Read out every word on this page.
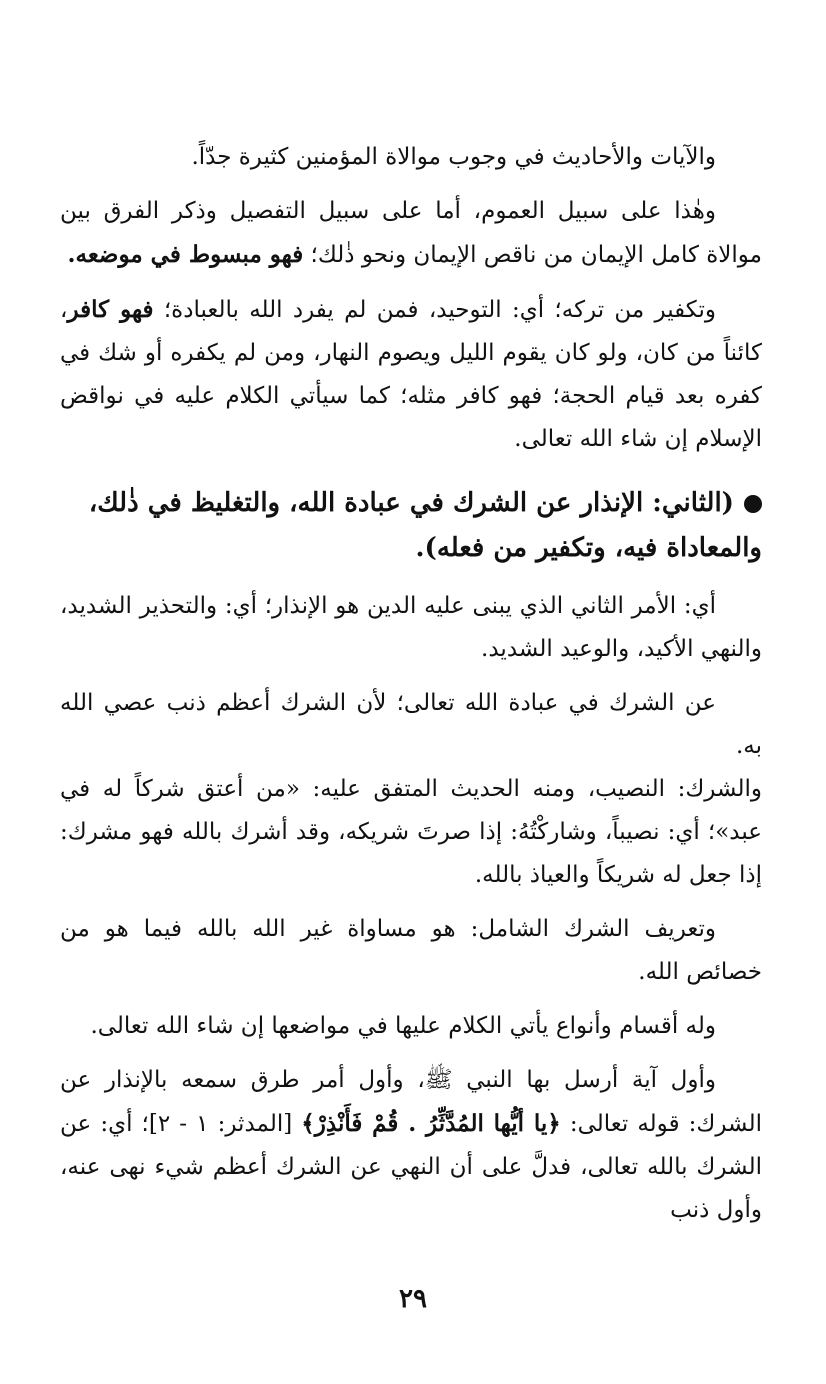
والآيات والأحاديث في وجوب موالاة المؤمنين كثيرة جدّاً.

وهٰذا على سبيل العموم، أما على سبيل التفصيل وذكر الفرق بين موالاة كامل الإيمان من ناقص الإيمان ونحو ذٰلك؛ فهو مبسوط في موضعه.

وتكفير من تركه؛ أي: التوحيد، فمن لم يفرد الله بالعبادة؛ فهو كافر، كائناً من كان، ولو كان يقوم الليل ويصوم النهار، ومن لم يكفره أو شك في كفره بعد قيام الحجة؛ فهو كافر مثله؛ كما سيأتي الكلام عليه في نواقض الإسلام إن شاء الله تعالى.

(الثاني: الإنذار عن الشرك في عبادة الله، والتغليظ في ذٰلك، والمعاداة فيه، وتكفير من فعله).

أي: الأمر الثاني الذي يبنى عليه الدين هو الإنذار؛ أي: والتحذير الشديد، والنهي الأكيد، والوعيد الشديد.

عن الشرك في عبادة الله تعالى؛ لأن الشرك أعظم ذنب عصي الله به.

والشرك: النصيب، ومنه الحديث المتفق عليه: «من أعتق شركاً له في عبد»؛ أي: نصيباً، وشاركْتُهُ: إذا صرتَ شريكه، وقد أشرك بالله فهو مشرك: إذا جعل له شريكاً والعياذ بالله.

وتعريف الشرك الشامل: هو مساواة غير الله بالله فيما هو من خصائص الله.

وله أقسام وأنواع يأتي الكلام عليها في مواضعها إن شاء الله تعالى.

وأول آية أرسل بها النبي ﷺ، وأول أمر طرق سمعه بالإنذار عن الشرك: قوله تعالى: ﴿يا أيُّها المُدَّثِّرُ . قُمْ فَأَنْذِرْ﴾ [المدثر: ١ - ٢]؛ أي: عن الشرك بالله تعالى، فدلَّ على أن النهي عن الشرك أعظم شيء نهى عنه، وأول ذنب

٢٩
